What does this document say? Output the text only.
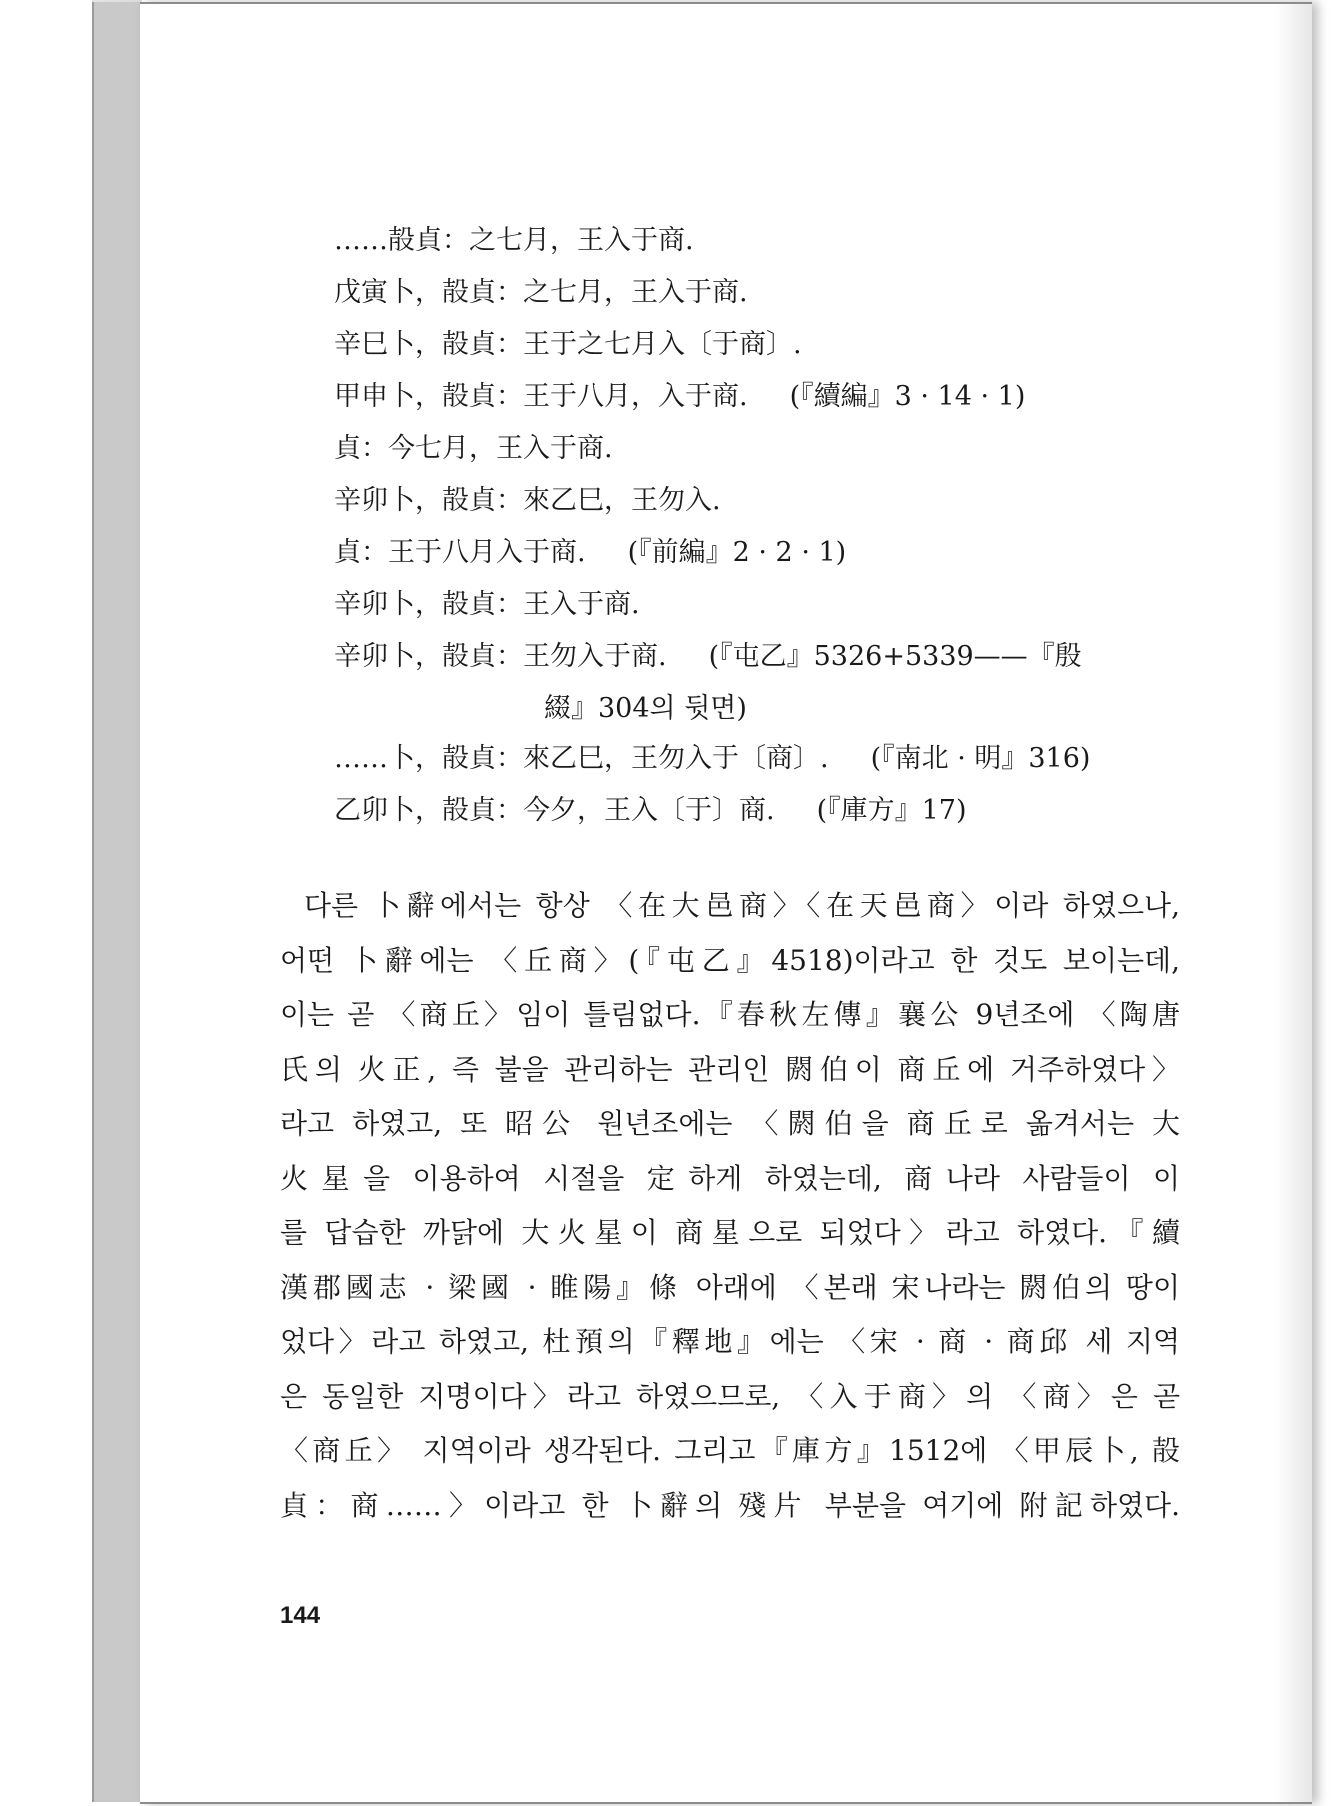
……㱿貞：之七月，王入于商.
戊寅卜，㱿貞：之七月，王入于商.
辛巳卜，㱿貞：王于之七月入〔于商〕.
甲申卜，㱿貞：王于八月，入于商. (『續編』3 · 14 · 1)
貞：今七月，王入于商.
辛卯卜，㱿貞：來乙巳，王勿入.
貞：王于八月入于商. (『前編』2 · 2 · 1)
辛卯卜，㱿貞：王入于商.
辛卯卜，㱿貞：王勿入于商. (『屯乙』5326+5339——『殷
綴』304의 뒷면)
……卜，㱿貞：來乙巳，王勿入于〔商〕. (『南北 · 明』316)
乙卯卜，㱿貞：今夕，王入〔于〕商. (『庫方』17)
다른 卜辭에서는 항상 〈在大邑商〉〈在天邑商〉이라 하였으나,
어떤 卜辭에는 〈丘商〉(『屯乙』4518)이라고 한 것도 보이는데,
이는 곧 〈商丘〉임이 틀림없다.『春秋左傳』襄公 9년조에 〈陶唐
氏의 火正, 즉 불을 관리하는 관리인 閼伯이 商丘에 거주하였다〉
라고 하였고, 또 昭公 원년조에는 〈閼伯을 商丘로 옮겨서는 大
火星을 이용하여 시절을 定하게 하였는데, 商나라 사람들이 이
를 답습한 까닭에 大火星이 商星으로 되었다〉라고 하였다.『續
漢郡國志 · 梁國 · 睢陽』條 아래에 〈본래 宋나라는 閼伯의 땅이
었다〉라고 하였고, 杜預의『釋地』에는 〈宋 · 商 · 商邱 세 지역
은 동일한 지명이다〉라고 하였으므로, 〈入于商〉의 〈商〉은 곧
〈商丘〉 지역이라 생각된다. 그리고『庫方』1512에 〈甲辰卜, 㱿
貞：商……〉이라고 한 卜辭의 殘片 부분을 여기에 附記하였다.
144
